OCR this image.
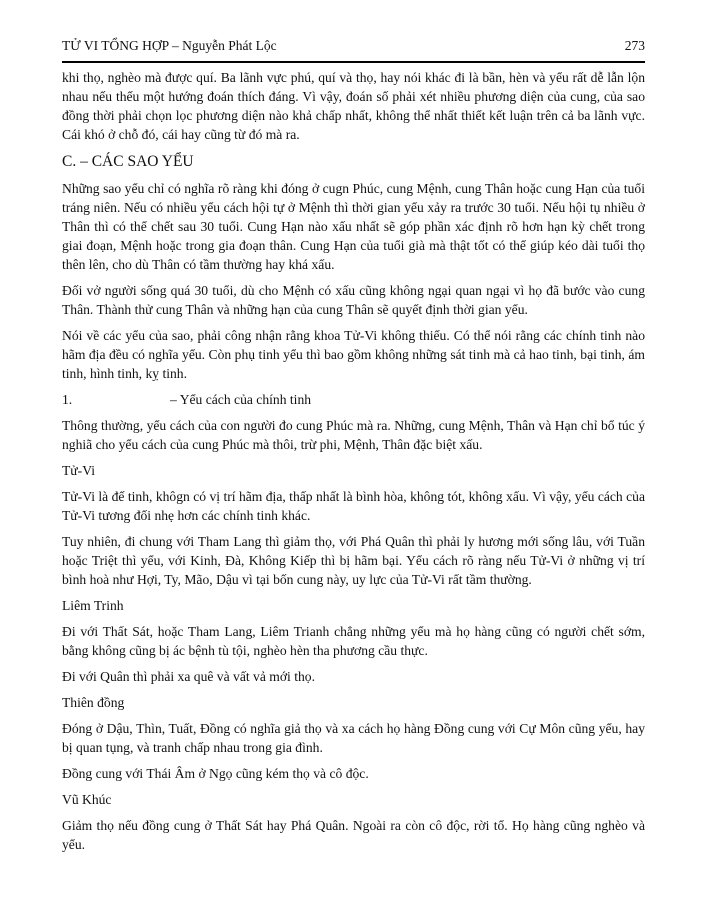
TỬ VI TỔNG HỢP – Nguyễn Phát Lộc	273

khi thọ, nghèo mà được quí. Ba lãnh vực phú, quí và thọ, hay nói khác đi là bần, hèn và yểu rất dễ lẫn lộn nhau nếu thếu một hướng đoán thích đáng. Vì vậy, đoán số phải xét nhiều phương diện của cung, của sao đồng thời phải chọn lọc phương diện nào khả chấp nhất, không thể nhất thiết kết luận trên cả ba lãnh vực. Cái khó ở chỗ đó, cái hay cũng từ đó mà ra.

C. – CÁC SAO YỂU

Những sao yểu chỉ có nghĩa rõ ràng khi đóng ở cugn Phúc, cung Mệnh, cung Thân hoặc cung Hạn của tuổi tráng niên. Nếu có nhiều yểu cách hội tự ở Mệnh thì thời gian yểu xảy ra trước 30 tuổi. Nếu hội tụ nhiều ở Thân thì có thể chết sau 30 tuổi. Cung Hạn nào xấu nhất sẽ góp phần xác định rõ hơn hạn kỳ chết trong giai đoạn, Mệnh hoặc trong gia đoạn thân. Cung Hạn của tuổi già mà thật tốt có thể giúp kéo dài tuổi thọ thên lên, cho dù Thân có tầm thường hay khá xấu.

Đối vở người sống quá 30 tuổi, dù cho Mệnh có xấu cũng không ngại quan ngại vì họ đã bước vào cung Thân. Thành thử cung Thân và những hạn của cung Thân sẽ quyết định thời gian yểu.

Nói về các yểu của sao, phải công nhận rằng khoa Tử-Vi không thiếu. Có thể nói rằng các chính tinh nào hãm địa đều có nghĩa yểu. Còn phụ tinh yểu thì bao gồm không những sát tinh mà cả hao tinh, bại tinh, ám tinh, hình tinh, kỵ tinh.

1.	– Yểu cách của chính tinh

Thông thường, yểu cách của con người đo cung Phúc mà ra. Những, cung Mệnh, Thân và Hạn chỉ bổ túc ý nghiã cho yểu cách của cung Phúc mà thôi, trừ phi, Mệnh, Thân đặc biệt xấu.

Tử-Vi

Tử-Vi là đế tinh, khôgn có vị trí hãm địa, thấp nhất là bình hòa, không tót, không xấu. Vì vậy, yểu cách của Tử-Vi tương đối nhẹ hơn các chính tinh khác.

Tuy nhiên, đi chung với Tham Lang thì giảm thọ, với Phá Quân thì phải ly hương mới sống lâu, với Tuần hoặc Triệt thì yểu, với Kinh, Đà, Không Kiếp thì bị hãm bại. Yểu cách rõ ràng nếu Tử-Vi ở những vị trí bình hoà như Hợi, Ty, Mão, Dậu vì tại bốn cung này, uy lực của Tử-Vi rất tầm thường.

Liêm Trinh

Đi với Thất Sát, hoặc Tham Lang, Liêm Trianh chẳng những yểu mà họ hàng cũng có người chết sớm, bằng không cũng bị ác bệnh tù tội, nghèo hèn tha phương cầu thực.

Đi với Quân thì phải xa quê và vất vả mới thọ.

Thiên đồng

Đóng ở Dậu, Thìn, Tuất, Đồng có nghĩa giả thọ và xa cách họ hàng Đồng cung với Cự Môn cũng yểu, hay bị quan tụng, và tranh chấp nhau trong gia đình.

Đồng cung với Thái Âm ở Ngọ cũng kém thọ và cô độc.

Vũ Khúc

Giảm thọ nếu đồng cung ở Thất Sát hay Phá Quân. Ngoài ra còn cô độc, rời tổ. Họ hàng cũng nghèo và yểu.
